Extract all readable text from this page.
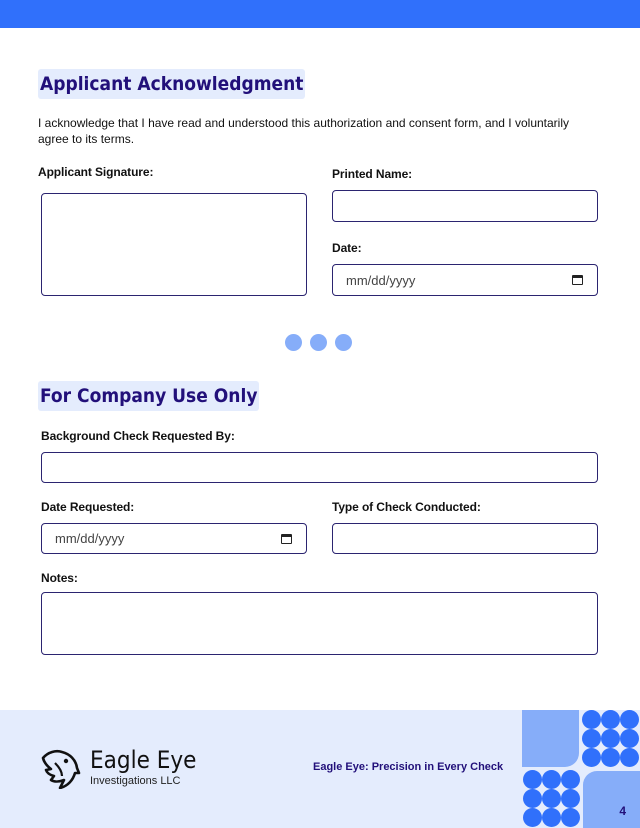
Applicant Acknowledgment

I acknowledge that I have read and understood this authorization and consent form, and I voluntarily agree to its terms.

Applicant Signature:	Printed Name:
Date:
mm/dd/yyyy
For Company Use Only
Background Check Requested By:
Date Requested:
mm/dd/yyyy
Type of Check Conducted:
Notes:
Eagle Eye
Investigations LLC
Eagle Eye: Precision in Every Check
4
